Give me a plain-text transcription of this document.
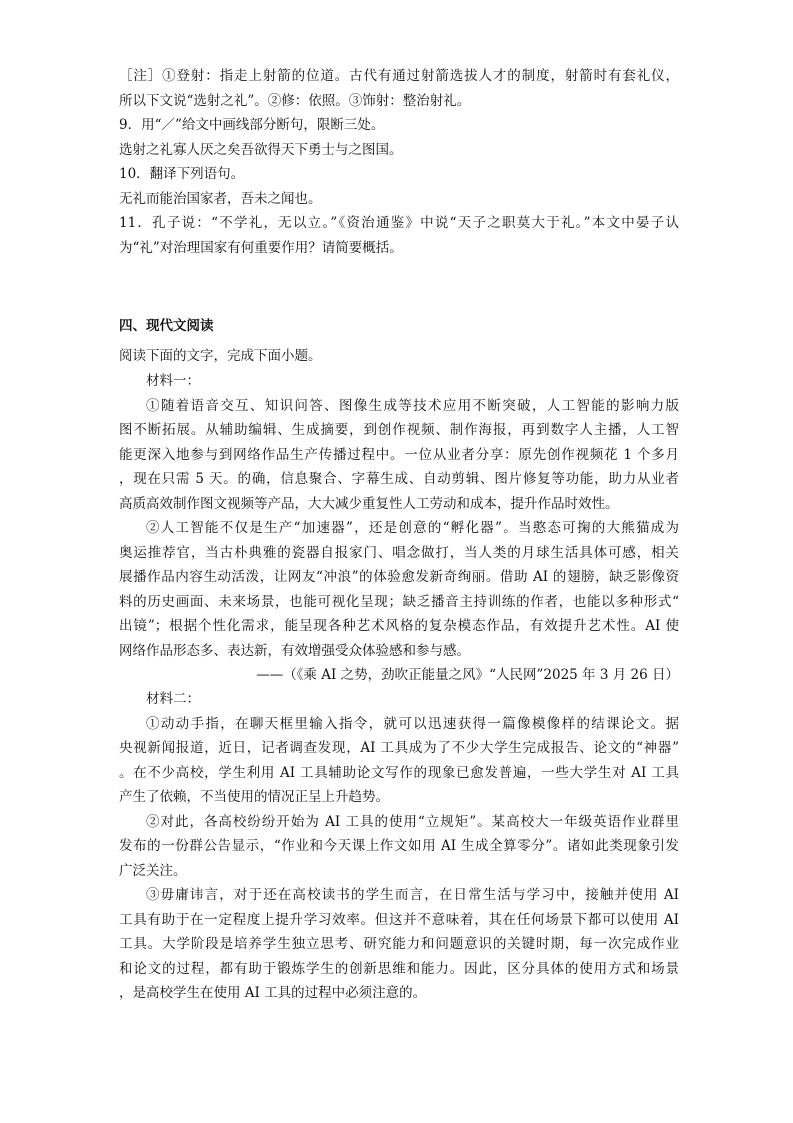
［注］①登射：指走上射箭的位道。古代有通过射箭选拔人才的制度，射箭时有套礼仪，
所以下文说“选射之礼”。②修：依照。③饰射：整治射礼。
9．用“／”给文中画线部分断句，限断三处。
选射之礼寡人厌之矣吾欲得天下勇士与之图国。
10．翻译下列语句。
无礼而能治国家者，吾未之闻也。
11．孔子说：“不学礼，无以立。”《资治通鉴》中说“天子之职莫大于礼。”本文中晏子认
为“礼”对治理国家有何重要作用？请简要概括。
四、现代文阅读
阅读下面的文字，完成下面小题。
材料一：
①随着语音交互、知识问答、图像生成等技术应用不断突破，人工智能的影响力版
图不断拓展。从辅助编辑、生成摘要，到创作视频、制作海报，再到数字人主播，人工智
能更深入地参与到网络作品生产传播过程中。一位从业者分享：原先创作视频花 1 个多月
，现在只需 5 天。的确，信息聚合、字幕生成、自动剪辑、图片修复等功能，助力从业者
高质高效制作图文视频等产品，大大减少重复性人工劳动和成本，提升作品时效性。
②人工智能不仅是生产“加速器”，还是创意的“孵化器”。当憨态可掬的大熊猫成为
奥运推荐官，当古朴典雅的瓷器自报家门、唱念做打，当人类的月球生活具体可感，相关
展播作品内容生动活泼，让网友“冲浪”的体验愈发新奇绚丽。借助 AI 的翅膀，缺乏影像资
料的历史画面、未来场景，也能可视化呈现；缺乏播音主持训练的作者，也能以多种形式“
出镜”；根据个性化需求，能呈现各种艺术风格的复杂模态作品，有效提升艺术性。AI 使
网络作品形态多、表达新，有效增强受众体验感和参与感。
——（《乘 AI 之势，劲吹正能量之风》“人民网”2025 年 3 月 26 日）
材料二：
①动动手指，在聊天框里输入指令，就可以迅速获得一篇像模像样的结课论文。据
央视新闻报道，近日，记者调查发现，AI 工具成为了不少大学生完成报告、论文的“神器”
。在不少高校，学生利用 AI 工具辅助论文写作的现象已愈发普遍，一些大学生对 AI 工具
产生了依赖，不当使用的情况正呈上升趋势。
②对此，各高校纷纷开始为 AI 工具的使用“立规矩”。某高校大一年级英语作业群里
发布的一份群公告显示，“作业和今天课上作文如用 AI 生成全算零分”。诸如此类现象引发
广泛关注。
③毋庸讳言，对于还在高校读书的学生而言，在日常生活与学习中，接触并使用 AI
工具有助于在一定程度上提升学习效率。但这并不意味着，其在任何场景下都可以使用 AI
工具。大学阶段是培养学生独立思考、研究能力和问题意识的关键时期，每一次完成作业
和论文的过程，都有助于锻炼学生的创新思维和能力。因此，区分具体的使用方式和场景
，是高校学生在使用 AI 工具的过程中必须注意的。
